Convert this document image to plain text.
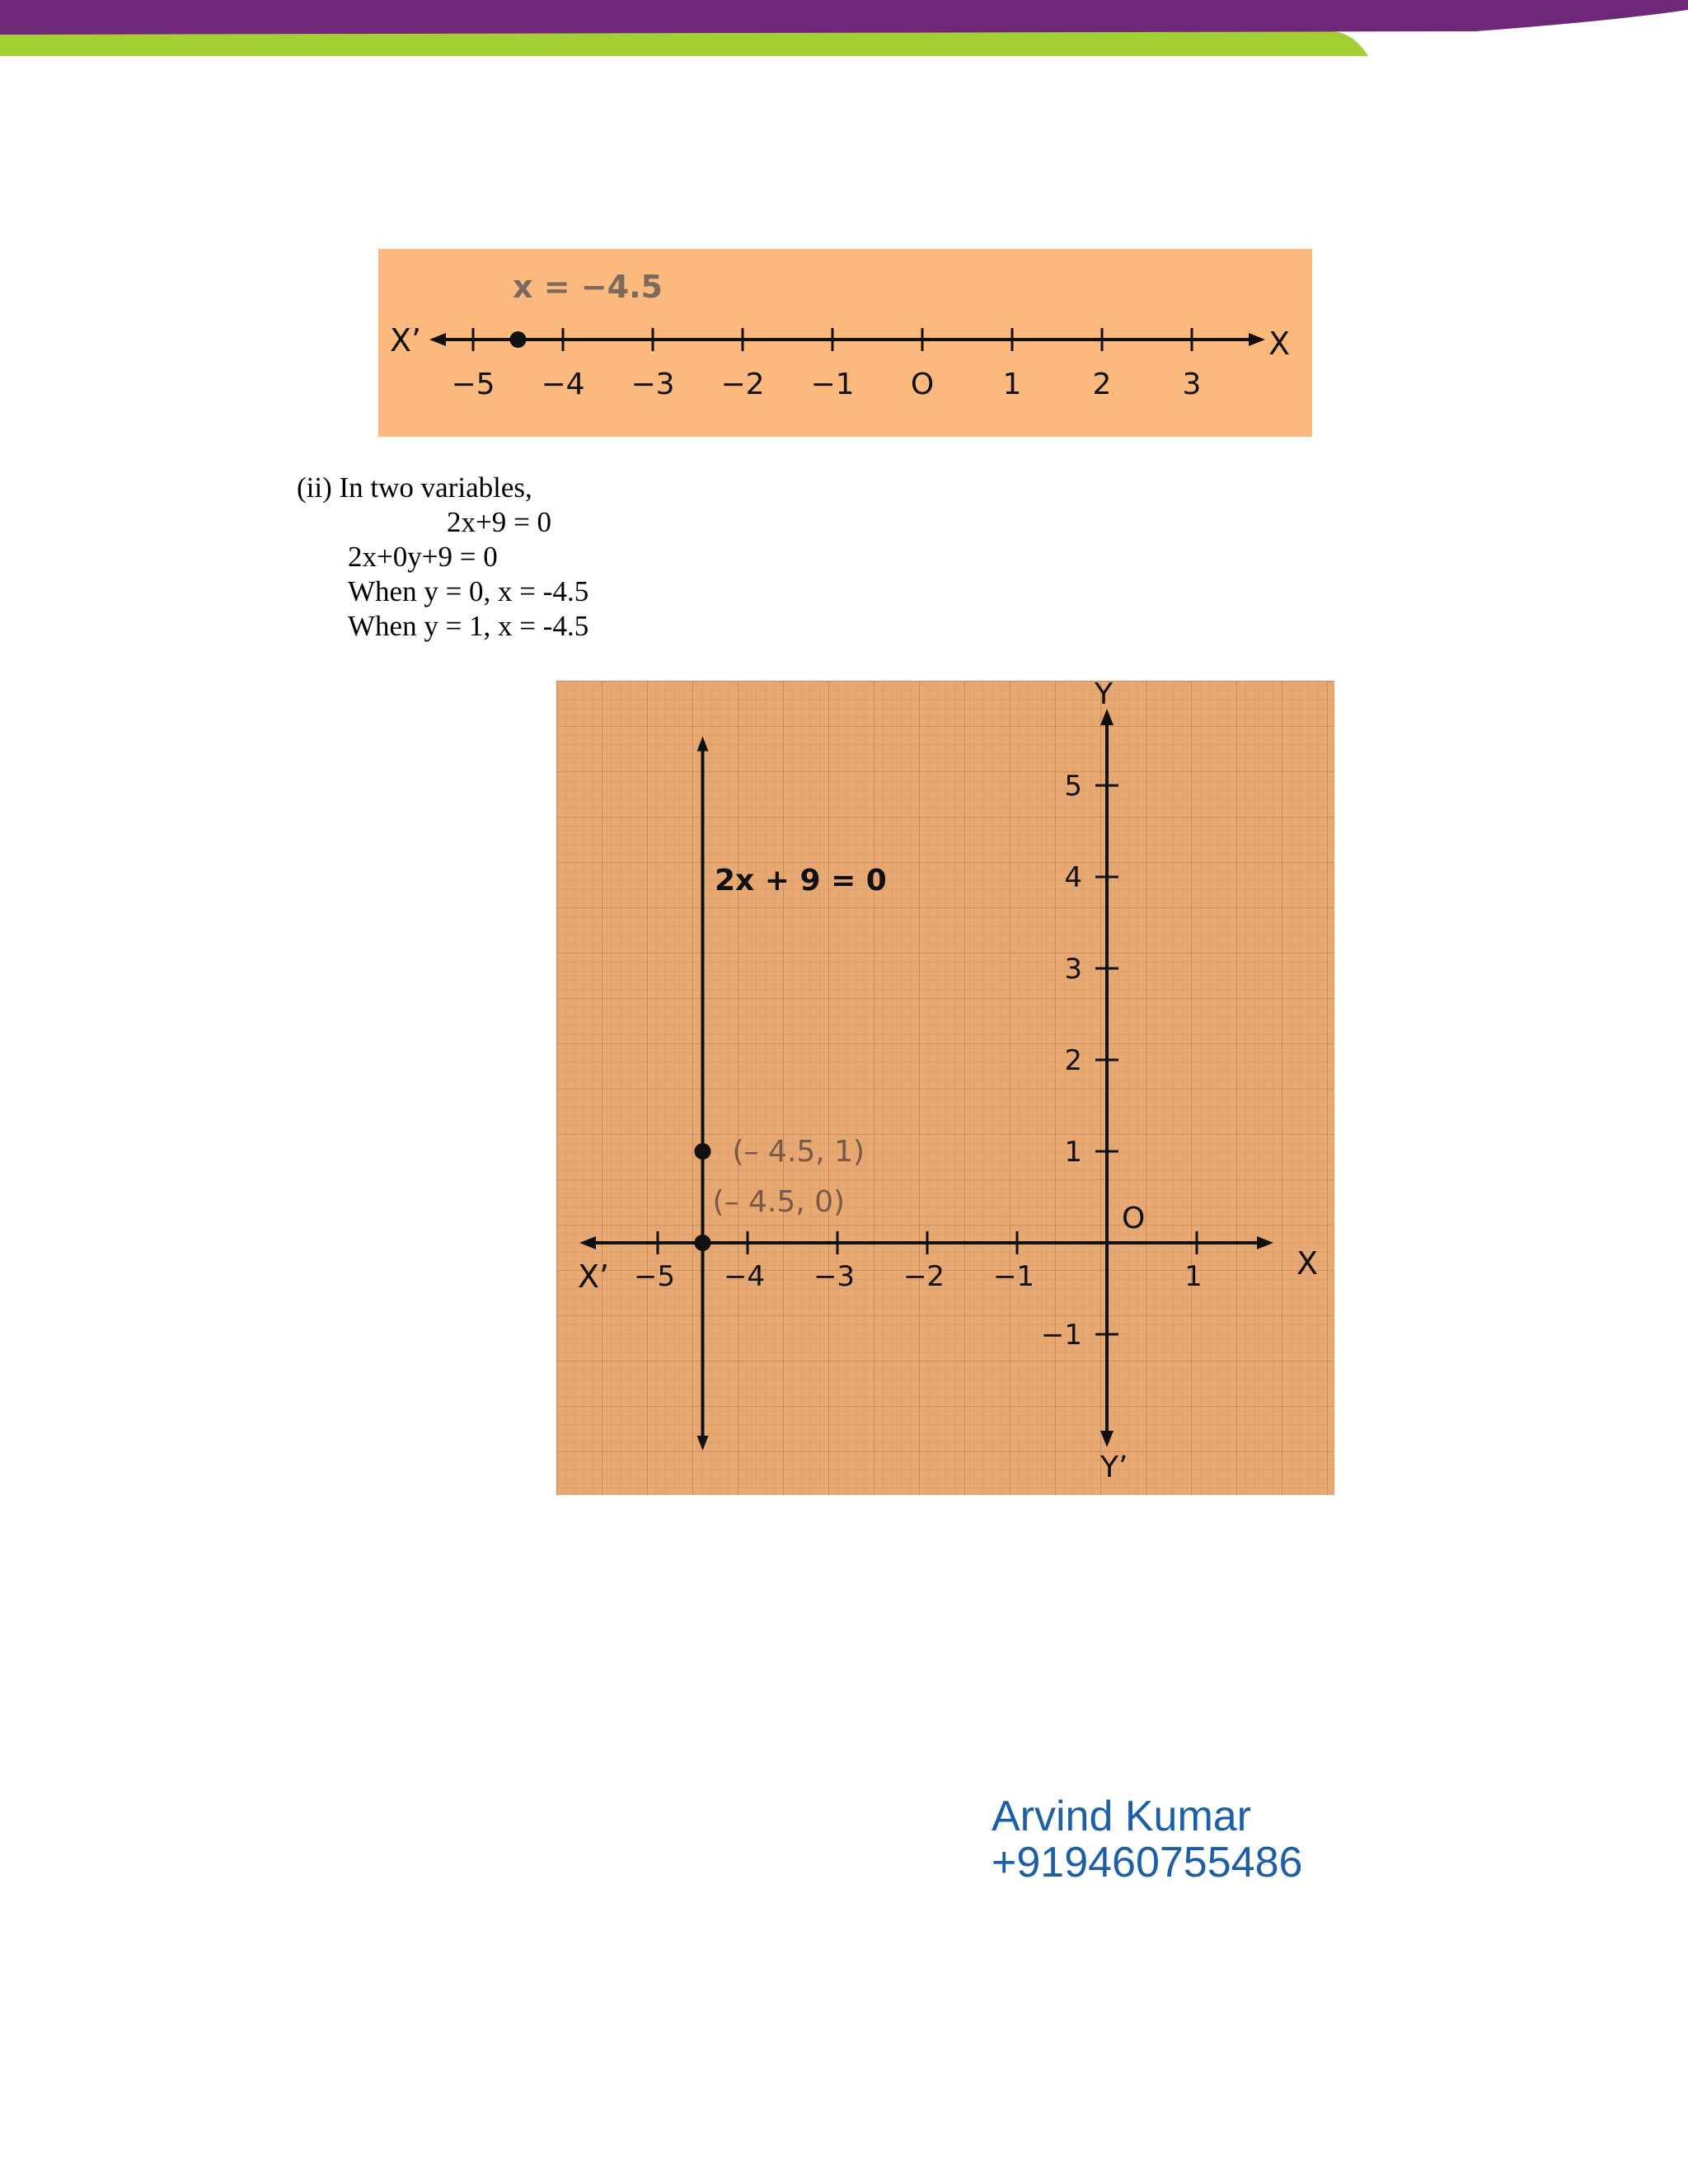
x = −4.5
X’	X
−5 −4 −3 −2 −1 O 1 2 3
(ii) In two variables,
2x+9 = 0
2x+0y+9 = 0
When y = 0, x = -4.5
When y = 1, x = -4.5
X
X’
Y
Y’
O
−5 −4 −3 −2 −1	1
5
4
3
2
1
−1
2x + 9 = 0
(– 4.5, 1)
(– 4.5, 0)
Arvind Kumar
+919460755486
